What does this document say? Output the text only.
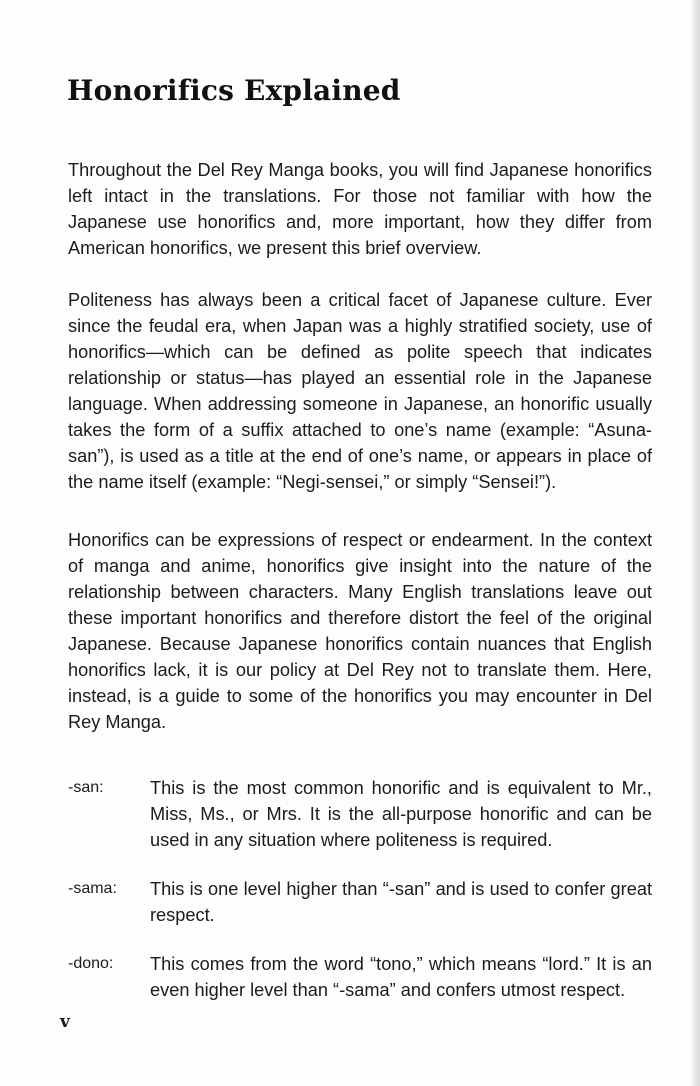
Honorifics Explained

Throughout the Del Rey Manga books, you will find Japanese honorifics left intact in the translations. For those not familiar with how the Japanese use honorifics and, more important, how they differ from American honorifics, we present this brief overview.

Politeness has always been a critical facet of Japanese culture. Ever since the feudal era, when Japan was a highly stratified society, use of honorifics—which can be defined as polite speech that indicates relationship or status—has played an essential role in the Japanese language. When addressing someone in Japanese, an honorific usually takes the form of a suffix attached to one’s name (example: “Asuna-san”), is used as a title at the end of one’s name, or appears in place of the name itself (example: “Negi-sensei,” or simply “Sensei!”).

Honorifics can be expressions of respect or endearment. In the context of manga and anime, honorifics give insight into the nature of the relationship between characters. Many English translations leave out these important honorifics and therefore distort the feel of the original Japanese. Because Japanese honorifics contain nuances that English honorifics lack, it is our policy at Del Rey not to translate them. Here, instead, is a guide to some of the honorifics you may encounter in Del Rey Manga.

-san:	This is the most common honorific and is equivalent to Mr., Miss, Ms., or Mrs. It is the all-purpose honorific and can be used in any situation where politeness is required.
-sama:	This is one level higher than “-san” and is used to confer great respect.
-dono:	This comes from the word “tono,” which means “lord.” It is an even higher level than “-sama” and confers utmost respect.
v
